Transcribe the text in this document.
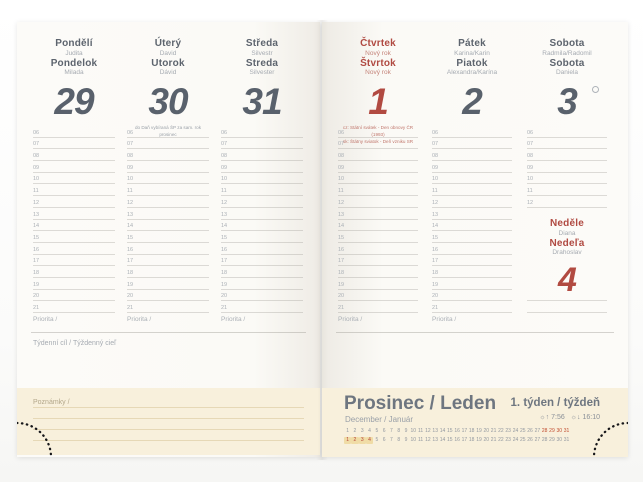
Pondělí
Judita
Pondelok
Milada
29
06
07
08
09
10
11
12
13
14
15
16
17
18
19
20
21
Priorita /
Úterý
David
Utorok
Dávid
30
do Daň vybíraná ŠP za sam. rok prosinec
06
07
08
09
10
11
12
13
14
15
16
17
18
19
20
21
Priorita /
Středa
Silvestr
Streda
Silvester
31
06
07
08
09
10
11
12
13
14
15
16
17
18
19
20
21
Priorita /
Týdenní cíl / Týždenný cieľ
Poznámky /
Čtvrtek
Nový rok
Štvrtok
Nový rok
1
cz: Státní svátek - Den obnovy ČR (1993)
sk: Štátny sviatok - Deň vzniku SR
06
07
08
09
10
11
12
13
14
15
16
17
18
19
20
21
Priorita /
Pátek
Karina/Karin
Piatok
Alexandra/Karína
2
06
07
08
09
10
11
12
13
14
15
16
17
18
19
20
21
Priorita /
Sobota
Radmila/Radomil
Sobota
Daniela
3
06
07
08
09
10
11
12
Neděle
Diana
Nedeľa
Drahoslav
4
Prosinec / Leden
December / Január
1. týden / týždeň
☼↑ 7:56 ☼↓ 16:10
1 2 3 4 5 6 7 8 9 10 11 12 13 14 15 16 17 18 19 20 21 22 23 24 25 26 27 28 29 30 31
1 2 3 4 5 6 7 8 9 10 11 12 13 14 15 16 17 18 19 20 21 22 23 24 25 26 27 28 29 30 31
